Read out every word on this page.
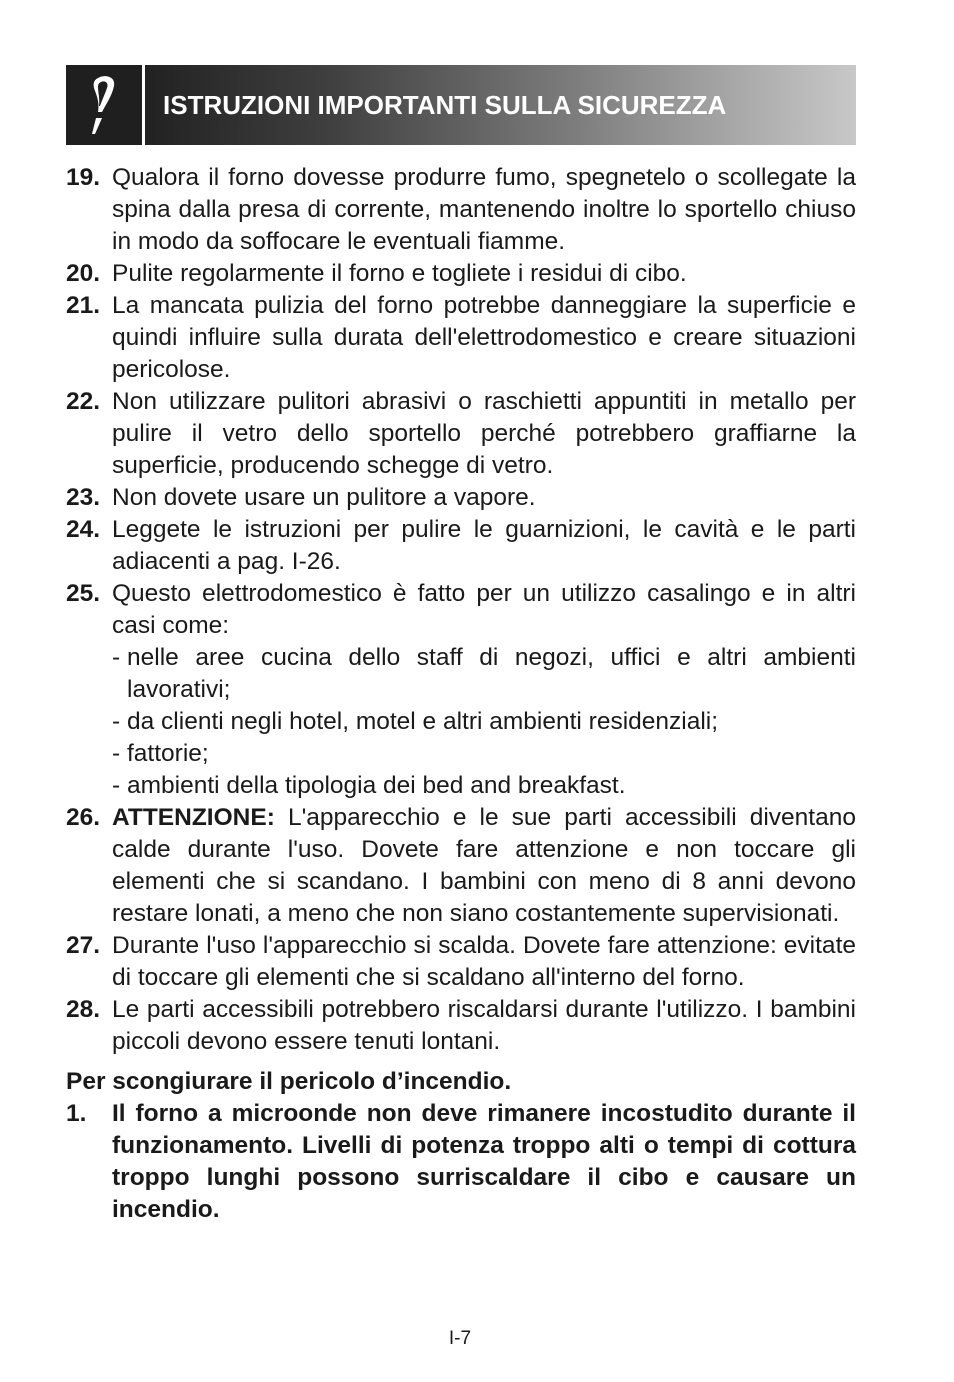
ISTRUZIONI IMPORTANTI SULLA SICUREZZA
19. Qualora il forno dovesse produrre fumo, spegnetelo o scollegate la spina dalla presa di corrente, mantenendo inoltre lo sportello chiuso in modo da soffocare le eventuali fiamme.
20. Pulite regolarmente il forno e togliete i residui di cibo.
21. La mancata pulizia del forno potrebbe danneggiare la superficie e quindi influire sulla durata dell'elettrodomestico e creare situazioni pericolose.
22. Non utilizzare pulitori abrasivi o raschietti appuntiti in metallo per pulire il vetro dello sportello perché potrebbero graffiarne la superficie, producendo schegge di vetro.
23. Non dovete usare un pulitore a vapore.
24. Leggete le istruzioni per pulire le guarnizioni, le cavità e le parti adiacenti a pag. I-26.
25. Questo elettrodomestico è fatto per un utilizzo casalingo e in altri casi come:
- nelle aree cucina dello staff di negozi, uffici e altri ambienti lavorativi;
- da clienti negli hotel, motel e altri ambienti residenziali;
- fattorie;
- ambienti della tipologia dei bed and breakfast.
26. ATTENZIONE: L'apparecchio e le sue parti accessibili diventano calde durante l'uso. Dovete fare attenzione e non toccare gli elementi che si scandano. I bambini con meno di 8 anni devono restare lonati, a meno che non siano costantemente supervisionati.
27. Durante l'uso l'apparecchio si scalda. Dovete fare attenzione: evitate di toccare gli elementi che si scaldano all'interno del forno.
28. Le parti accessibili potrebbero riscaldarsi durante l'utilizzo. I bambini piccoli devono essere tenuti lontani.
Per scongiurare il pericolo d’incendio.
1.	Il forno a microonde non deve rimanere incostudito durante il funzionamento. Livelli di potenza troppo alti o tempi di cottura troppo lunghi possono surriscaldare il cibo e causare un incendio.
I-7
